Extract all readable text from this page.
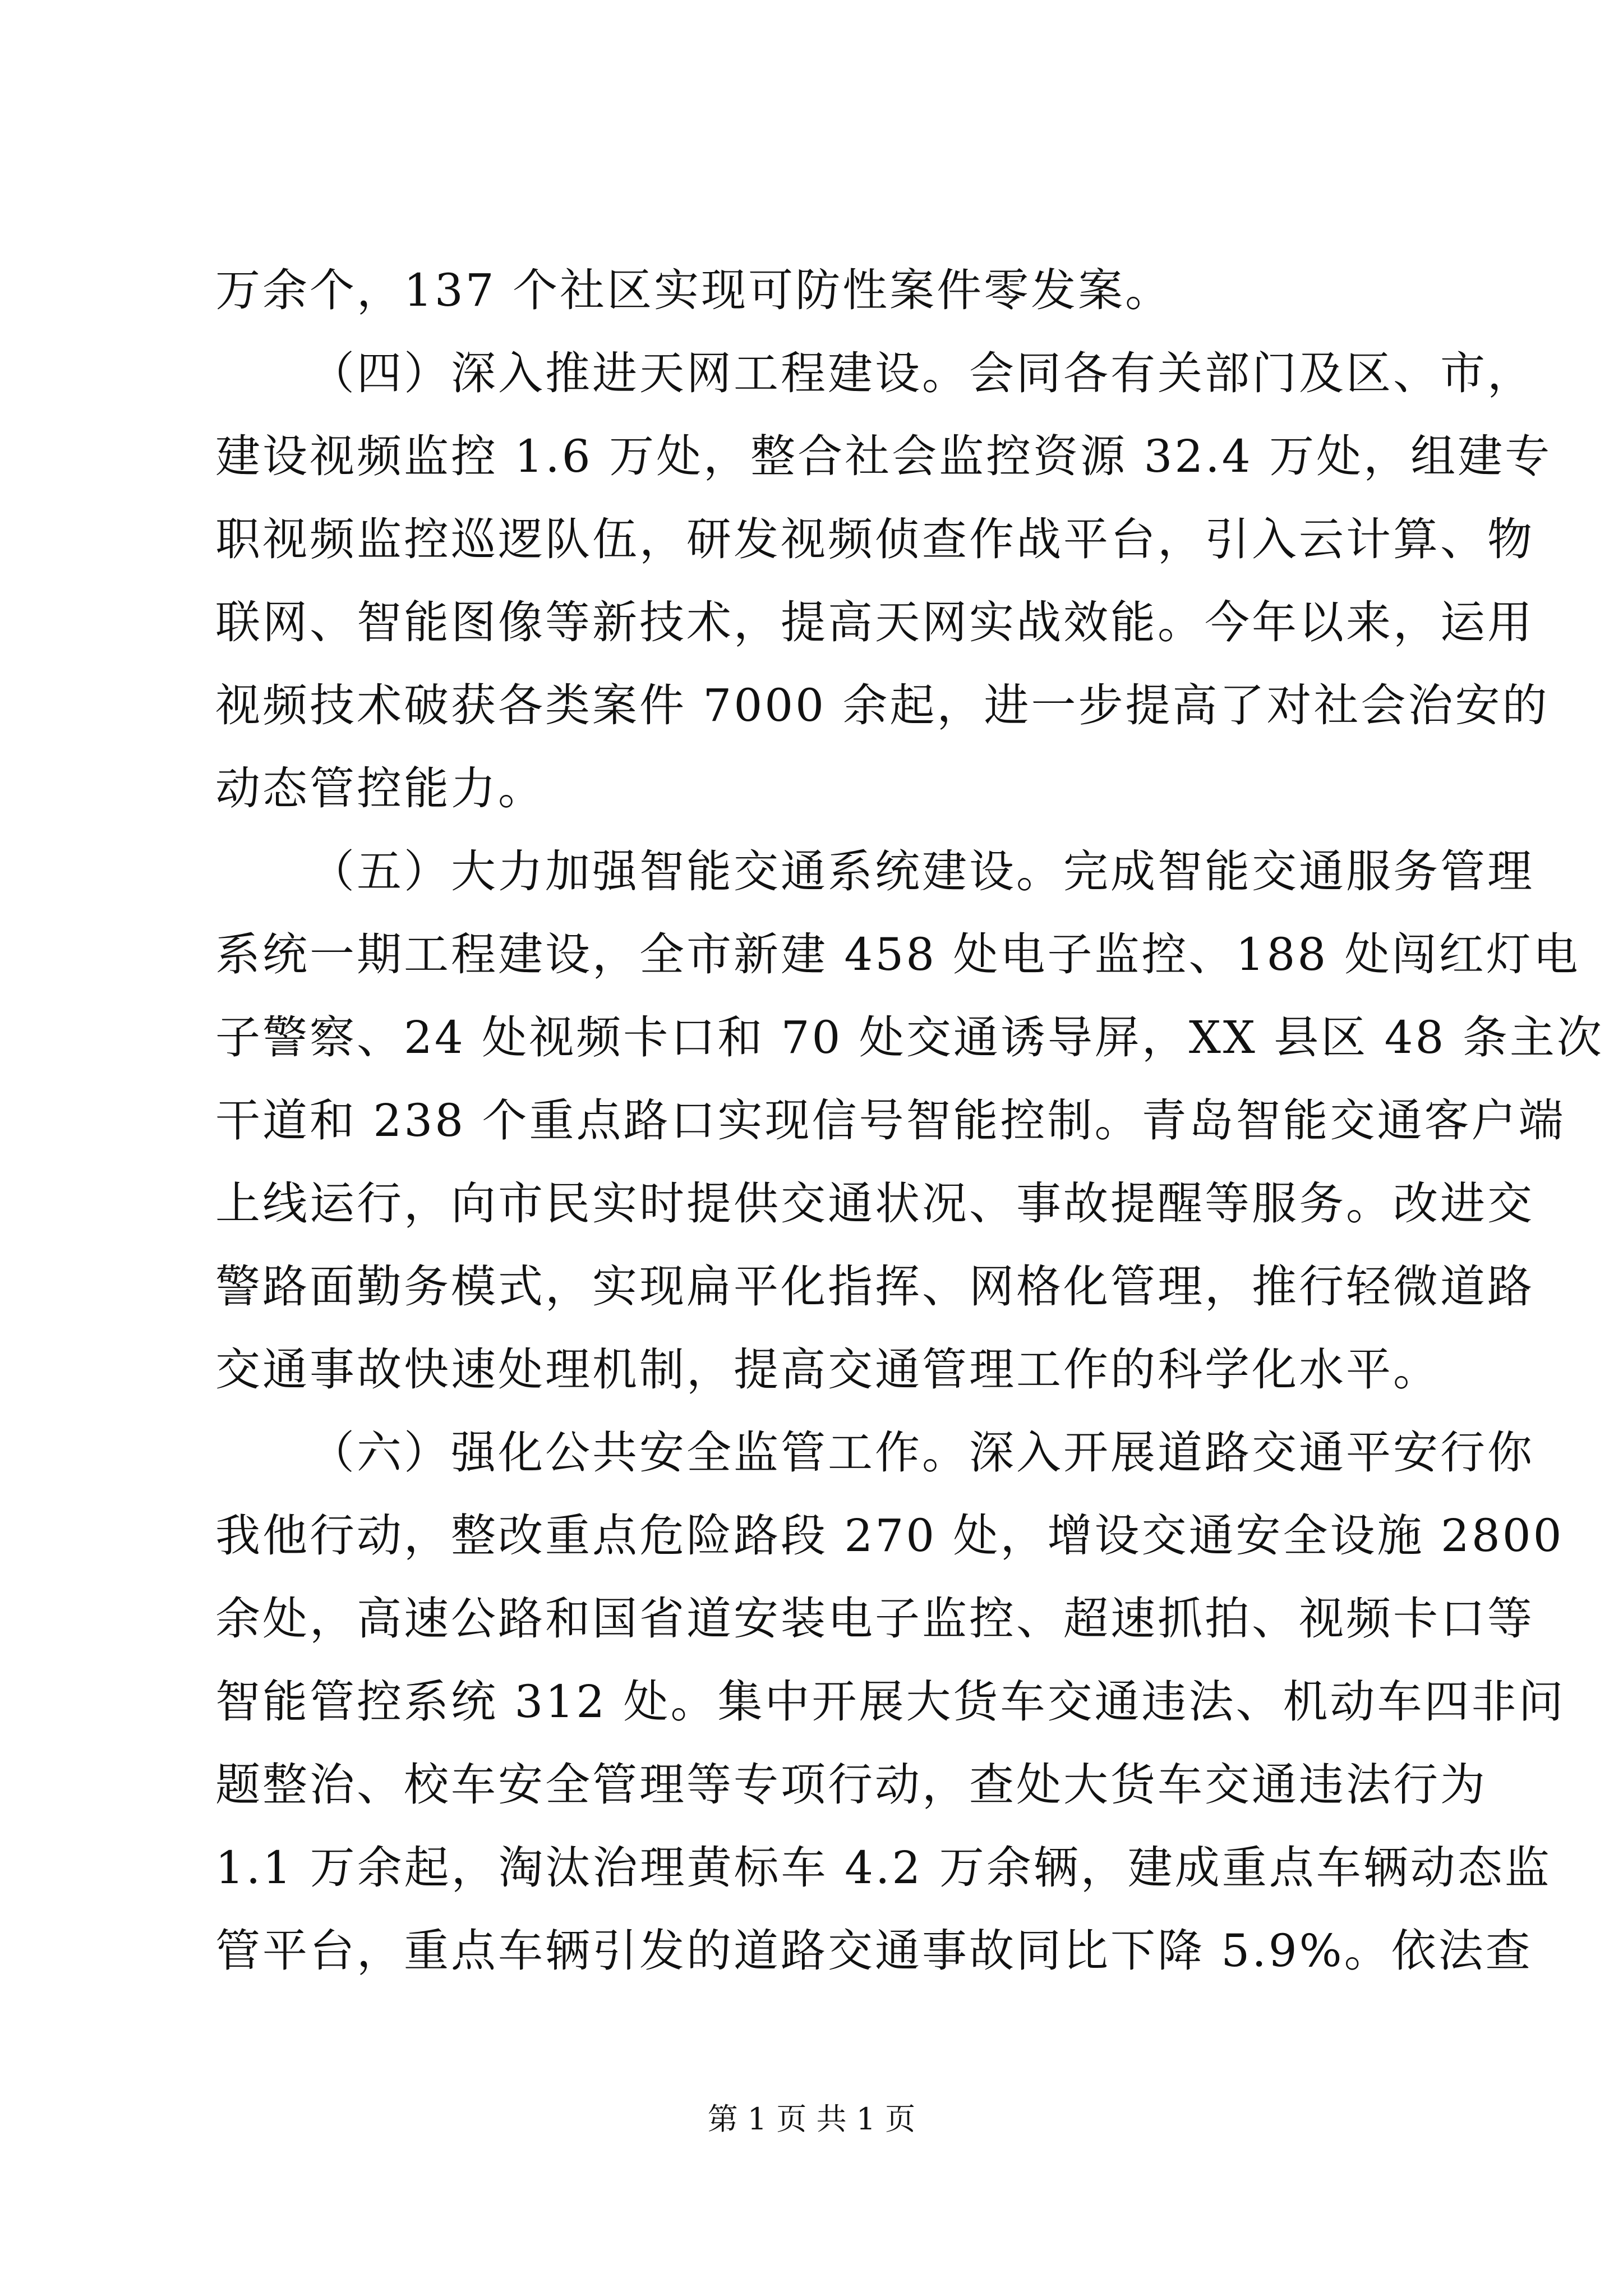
万余个，137 个社区实现可防性案件零发案。
（四）深入推进天网工程建设。会同各有关部门及区、市，
建设视频监控 1.6 万处，整合社会监控资源 32.4 万处，组建专
职视频监控巡逻队伍，研发视频侦查作战平台，引入云计算、物
联网、智能图像等新技术，提高天网实战效能。今年以来，运用
视频技术破获各类案件 7000 余起，进一步提高了对社会治安的
动态管控能力。
（五）大力加强智能交通系统建设。完成智能交通服务管理
系统一期工程建设，全市新建 458 处电子监控、188 处闯红灯电
子警察、24 处视频卡口和 70 处交通诱导屏，XX 县区 48 条主次
干道和 238 个重点路口实现信号智能控制。青岛智能交通客户端
上线运行，向市民实时提供交通状况、事故提醒等服务。改进交
警路面勤务模式，实现扁平化指挥、网格化管理，推行轻微道路
交通事故快速处理机制，提高交通管理工作的科学化水平。
（六）强化公共安全监管工作。深入开展道路交通平安行你
我他行动，整改重点危险路段 270 处，增设交通安全设施 2800
余处，高速公路和国省道安装电子监控、超速抓拍、视频卡口等
智能管控系统 312 处。集中开展大货车交通违法、机动车四非问
题整治、校车安全管理等专项行动，查处大货车交通违法行为
1.1 万余起，淘汰治理黄标车 4.2 万余辆，建成重点车辆动态监
管平台，重点车辆引发的道路交通事故同比下降 5.9%。依法查
第 1 页 共 1 页
